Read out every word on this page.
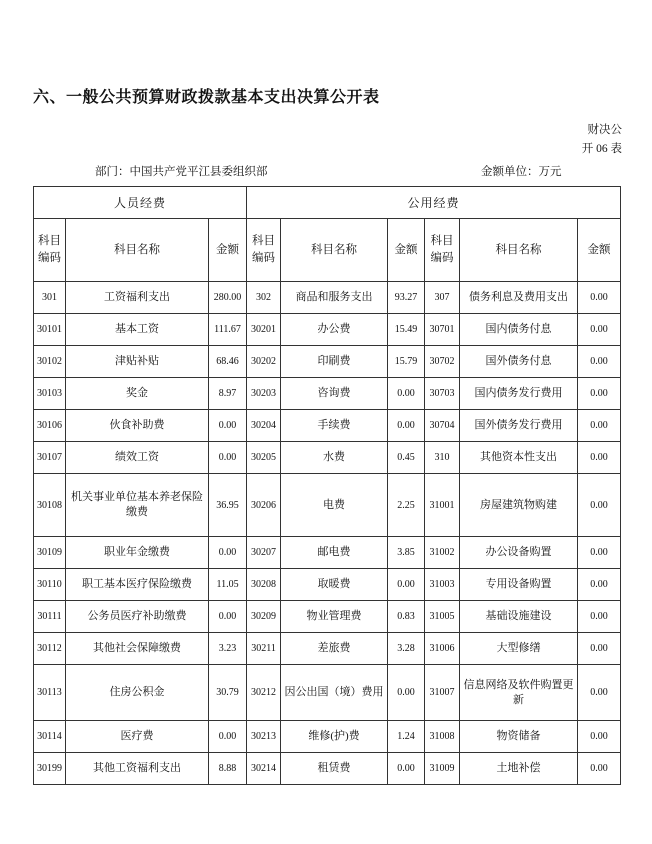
六、一般公共预算财政拨款基本支出决算公开表
财决公
开 06 表
部门：中国共产党平江县委组织部	金额单位：万元
人员经费			公用经费					
科目编码	科目名称	金额	科目编码	科目名称	金额	科目编码	科目名称	金额
301	工资福利支出	280.00	302	商品和服务支出	93.27	307	债务利息及费用支出	0.00
30101	基本工资	111.67	30201	办公费	15.49	30701	国内债务付息	0.00
30102	津贴补贴	68.46	30202	印刷费	15.79	30702	国外债务付息	0.00
30103	奖金	8.97	30203	咨询费	0.00	30703	国内债务发行费用	0.00
30106	伙食补助费	0.00	30204	手续费	0.00	30704	国外债务发行费用	0.00
30107	绩效工资	0.00	30205	水费	0.45	310	其他资本性支出	0.00
30108	机关事业单位基本养老保险缴费	36.95	30206	电费	2.25	31001	房屋建筑物购建	0.00
30109	职业年金缴费	0.00	30207	邮电费	3.85	31002	办公设备购置	0.00
30110	职工基本医疗保险缴费	11.05	30208	取暖费	0.00	31003	专用设备购置	0.00
30111	公务员医疗补助缴费	0.00	30209	物业管理费	0.83	31005	基础设施建设	0.00
30112	其他社会保障缴费	3.23	30211	差旅费	3.28	31006	大型修缮	0.00
30113	住房公积金	30.79	30212	因公出国（境）费用	0.00	31007	信息网络及软件购置更新	0.00
30114	医疗费	0.00	30213	维修(护)费	1.24	31008	物资储备	0.00
30199	其他工资福利支出	8.88	30214	租赁费	0.00	31009	土地补偿	0.00
